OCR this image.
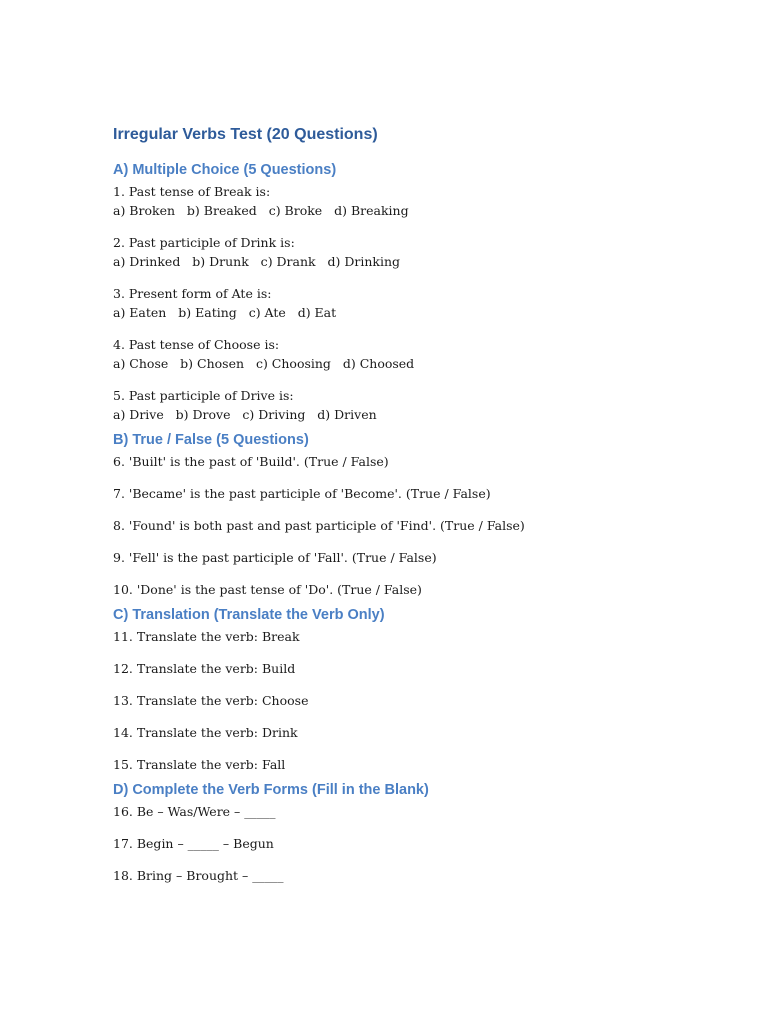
Irregular Verbs Test (20 Questions)
A) Multiple Choice (5 Questions)

1. Past tense of Break is:

a) Broken   b) Breaked   c) Broke   d) Breaking

2. Past participle of Drink is:

a) Drinked   b) Drunk   c) Drank   d) Drinking

3. Present form of Ate is:

a) Eaten   b) Eating   c) Ate   d) Eat

4. Past tense of Choose is:

a) Chose   b) Chosen   c) Choosing   d) Choosed

5. Past participle of Drive is:

a) Drive   b) Drove   c) Driving   d) Driven

B) True / False (5 Questions)

6. 'Built' is the past of 'Build'. (True / False)

7. 'Became' is the past participle of 'Become'. (True / False)

8. 'Found' is both past and past participle of 'Find'. (True / False)

9. 'Fell' is the past participle of 'Fall'. (True / False)

10. 'Done' is the past tense of 'Do'. (True / False)

C) Translation (Translate the Verb Only)

11. Translate the verb: Break

12. Translate the verb: Build

13. Translate the verb: Choose

14. Translate the verb: Drink

15. Translate the verb: Fall

D) Complete the Verb Forms (Fill in the Blank)

16. Be – Was/Were – _____

17. Begin – _____ – Begun

18. Bring – Brought – _____
